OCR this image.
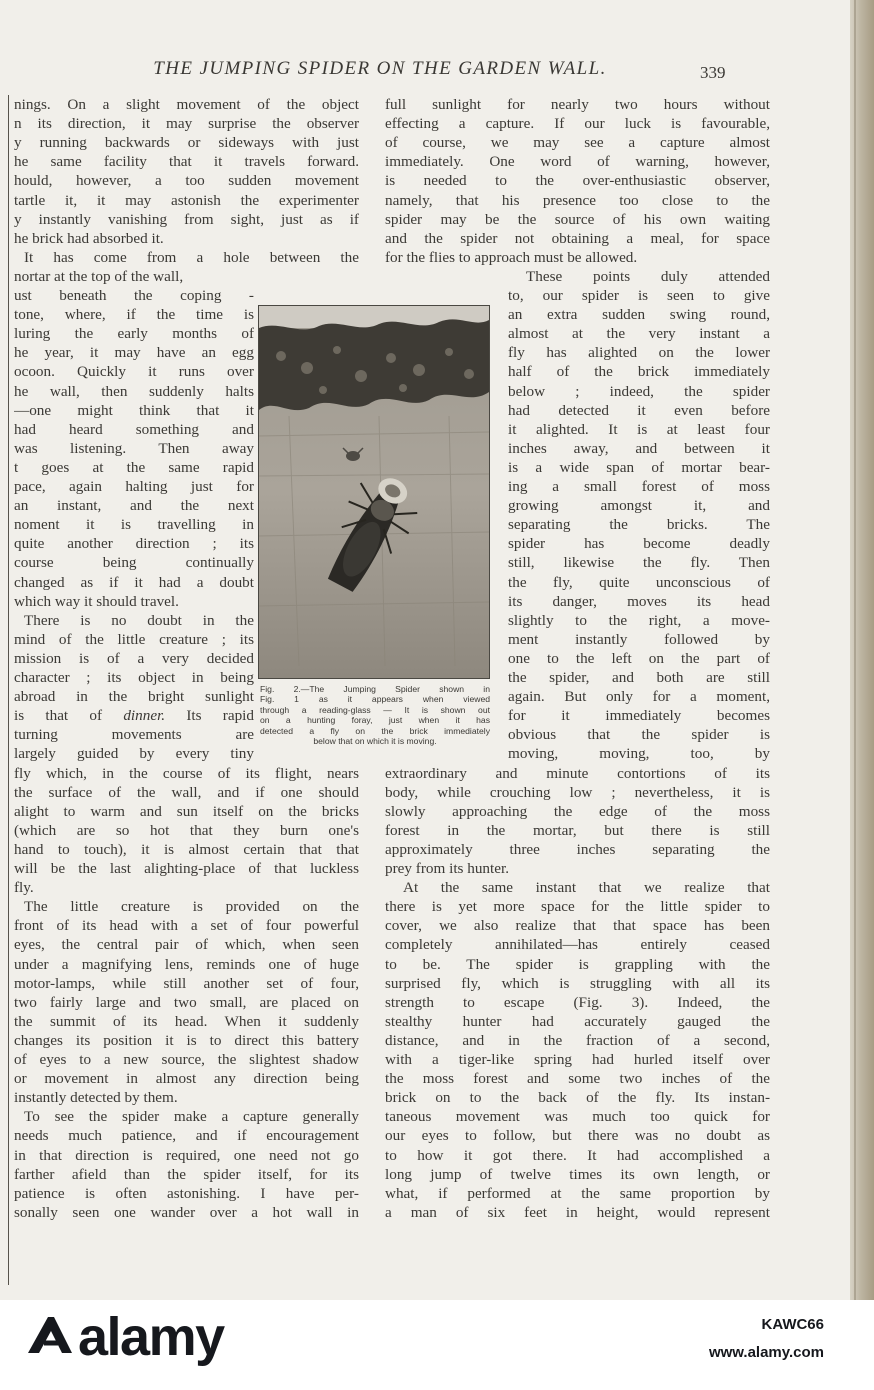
THE JUMPING SPIDER ON THE GARDEN WALL.	339
Fig. 2.—The Jumping Spider shown in
Fig. 1 as it appears when viewed
through a reading-glass — It is shown out
on a hunting foray, just when it has
detected a fly on the brick immediately
below that on which it is moving.
nings. On a slight movement of the object
n its direction, it may surprise the observer
y running backwards or sideways with just
he same facility that it travels forward.
hould, however, a too sudden movement
tartle it, it may astonish the experimenter
y instantly vanishing from sight, just as if
he brick had absorbed it.
It has come from a hole between the
nortar at the top of the wall,
ust beneath the coping -
tone, where, if the time is
luring the early months of
he year, it may have an egg
ocoon. Quickly it runs over
he wall, then suddenly halts
—one might think that it
had heard something and
was listening. Then away
t goes at the same rapid
pace, again halting just for
an instant, and the next
noment it is travelling in
quite another direction ; its
course being continually
changed as if it had a doubt
which way it should travel.
There is no doubt in the
mind of the little creature ; its
mission is of a very decided
character ; its object in being
abroad in the bright sunlight
is that of dinner. Its rapid
turning movements are
largely guided by every tiny
fly which, in the course of its flight, nears
the surface of the wall, and if one should
alight to warm and sun itself on the bricks
(which are so hot that they burn one's
hand to touch), it is almost certain that that
will be the last alighting-place of that luckless
fly.
The little creature is provided on the
front of its head with a set of four powerful
eyes, the central pair of which, when seen
under a magnifying lens, reminds one of huge
motor-lamps, while still another set of four,
two fairly large and two small, are placed on
the summit of its head. When it suddenly
changes its position it is to direct this battery
of eyes to a new source, the slightest shadow
or movement in almost any direction being
instantly detected by them.
To see the spider make a capture generally
needs much patience, and if encouragement
in that direction is required, one need not go
farther afield than the spider itself, for its
patience is often astonishing. I have per-
sonally seen one wander over a hot wall in
full sunlight for nearly two hours without
effecting a capture. If our luck is favourable,
of course, we may see a capture almost
immediately. One word of warning, however,
is needed to the over-enthusiastic observer,
namely, that his presence too close to the
spider may be the source of his own waiting
and the spider not obtaining a meal, for space
for the flies to approach must be allowed.
These points duly attended
to, our spider is seen to give
an extra sudden swing round,
almost at the very instant a
fly has alighted on the lower
half of the brick immediately
below ; indeed, the spider
had detected it even before
it alighted. It is at least four
inches away, and between it
is a wide span of mortar bear-
ing a small forest of moss
growing amongst it, and
separating the bricks. The
spider has become deadly
still, likewise the fly. Then
the fly, quite unconscious of
its danger, moves its head
slightly to the right, a move-
ment instantly followed by
one to the left on the part of
the spider, and both are still
again. But only for a moment,
for it immediately becomes
obvious that the spider is
moving, moving, too, by
extraordinary and minute contortions of its
body, while crouching low ; nevertheless, it is
slowly approaching the edge of the moss
forest in the mortar, but there is still
approximately three inches separating the
prey from its hunter.
At the same instant that we realize that
there is yet more space for the little spider to
cover, we also realize that that space has been
completely annihilated—has entirely ceased
to be. The spider is grappling with the
surprised fly, which is struggling with all its
strength to escape (Fig. 3). Indeed, the
stealthy hunter had accurately gauged the
distance, and in the fraction of a second,
with a tiger-like spring had hurled itself over
the moss forest and some two inches of the
brick on to the back of the fly. Its instan-
taneous movement was much too quick for
our eyes to follow, but there was no doubt as
to how it got there. It had accomplished a
long jump of twelve times its own length, or
what, if performed at the same proportion by
a man of six feet in height, would represent
alamy	KAWC66
www.alamy.com
